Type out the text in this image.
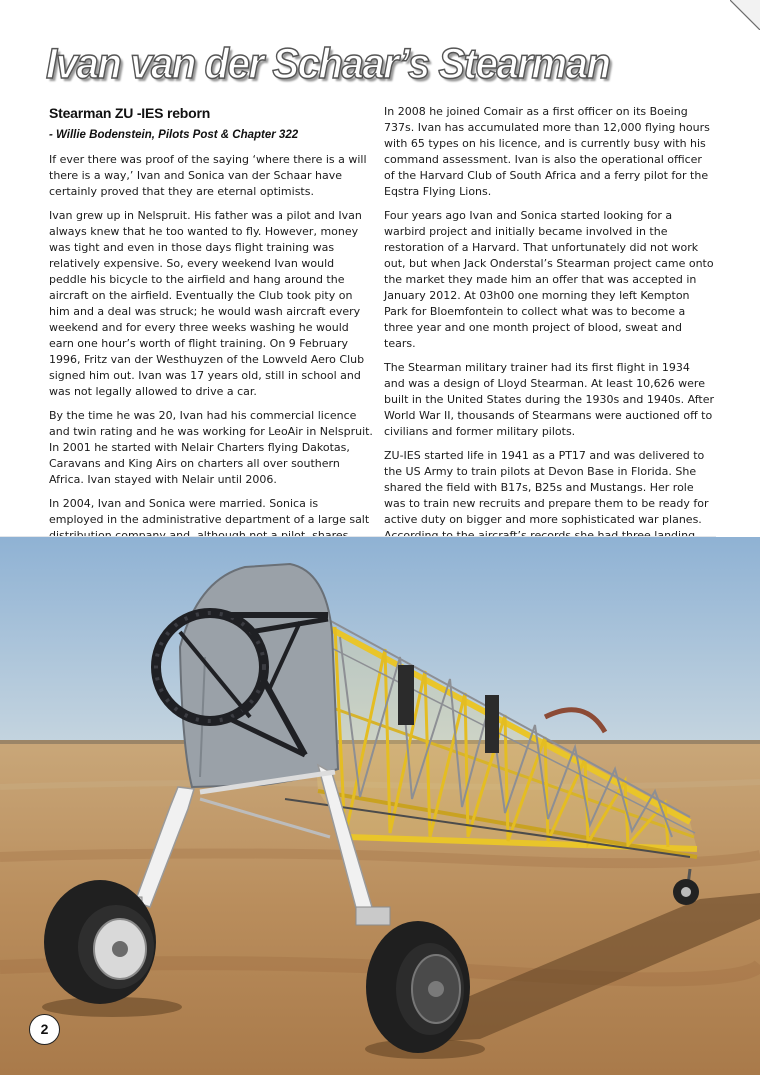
Ivan van der Schaar’s Stearman
Stearman ZU -IES reborn
- Willie Bodenstein, Pilots Post & Chapter 322

If ever there was proof of the saying ‘where there is a will there is a way,’ Ivan and Sonica van der Schaar have certainly proved that they are eternal optimists.

Ivan grew up in Nelspruit. His father was a pilot and Ivan always knew that he too wanted to fly. However, money was tight and even in those days flight training was relatively expensive. So, every weekend Ivan would peddle his bicycle to the airfield and hang around the aircraft on the airfield. Eventually the Club took pity on him and a deal was struck; he would wash aircraft every weekend and for every three weeks washing he would earn one hour’s worth of flight training. On 9 February 1996, Fritz van der Westhuyzen of the Lowveld Aero Club signed him out. Ivan was 17 years old, still in school and was not legally allowed to drive a car.

By the time he was 20, Ivan had his commercial licence and twin rating and he was working for LeoAir in Nelspruit. In 2001 he started with Nelair Charters flying Dakotas, Caravans and King Airs on charters all over southern Africa. Ivan stayed with Nelair until 2006.

In 2004, Ivan and Sonica were married. Sonica is employed in the administrative department of a large salt

In 2008 he joined Comair as a first officer on its Boeing 737s. Ivan has accumulated more than 12,000 flying hours with 65 types on his licence, and is currently busy with his command assessment. Ivan is also the operational officer of the Harvard Club of South Africa and a ferry pilot for the Eqstra Flying Lions.

Four years ago Ivan and Sonica started looking for a warbird project and initially became involved in the restoration of a Harvard. That unfortunately did not work out, but when Jack Onderstal’s Stearman project came onto the market they made him an offer that was accepted in January 2012. At 03h00 one morning they left Kempton Park for Bloemfontein to collect what was to become a three year and one month project of blood, sweat and tears.

The Stearman military trainer had its first flight in 1934 and was a design of Lloyd Stearman. At least 10,626 were built in the United States during the 1930s and 1940s. After World War II, thousands of Stearmans were auctioned off to civilians and former military pilots.

ZU-IES started life in 1941 as a PT17 and was delivered to the US Army to train pilots at Devon Base in Florida. She shared the field with B17s, B25s and Mustangs. Her role was to train new recruits and prepare them to be ready for active duty on bigger and more sophisticated war planes.

2
